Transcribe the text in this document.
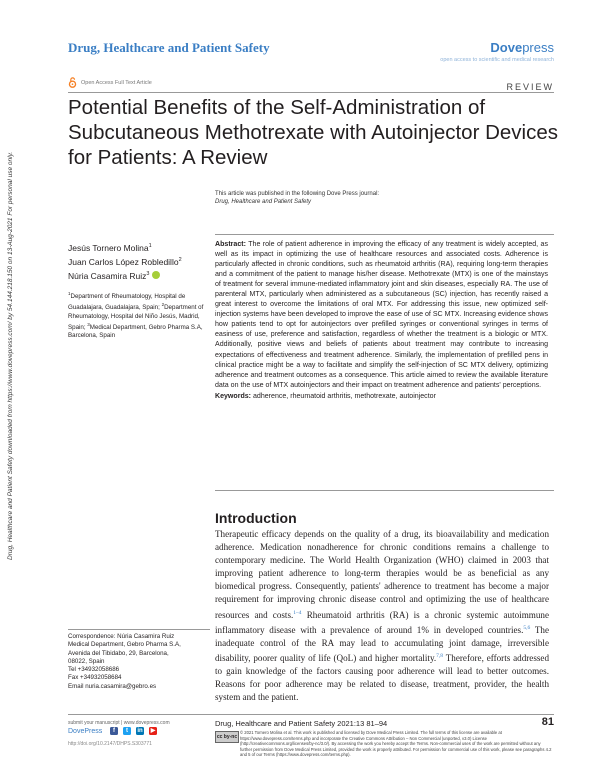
Drug, Healthcare and Patient Safety	Dovepress
open access to scientific and medical research
Open Access Full Text Article	REVIEW
Potential Benefits of the Self-Administration of Subcutaneous Methotrexate with Autoinjector Devices for Patients: A Review
Drug, Healthcare and Patient Safety downloaded from https://www.dovepress.com/ by 54.144.218.150 on 13-Aug-2021 For personal use only.	This article was published in the following Dove Press journal:
Drug, Healthcare and Patient Safety
Jesús Tornero Molina$^1$
Juan Carlos López Robledillo$^2$
Núria Casamira Ruiz$^3$
$^1$Department of Rheumatology, Hospital de Guadalajara, Guadalajara, Spain; $^2$Department of Rheumatology, Hospital del Niño Jesús, Madrid, Spain; $^3$Medical Department, Gebro Pharma S.A, Barcelona, Spain
Abstract: The role of patient adherence in improving the efficacy of any treatment is widely accepted, as well as its impact in optimizing the use of healthcare resources and associated costs. Adherence is particularly affected in chronic conditions, such as rheumatoid arthritis (RA), requiring long-term therapies and a commitment of the patient to manage his/her disease. Methotrexate (MTX) is one of the mainstays of treatment for several immune-mediated inflammatory joint and skin diseases, especially RA. The use of parenteral MTX, particularly when administered as a subcutaneous (SC) injection, has recently raised a great interest to overcome the limitations of oral MTX. For addressing this issue, new optimized self-injection systems have been developed to improve the ease of use of SC MTX. Increasing evidence shows how patients tend to opt for autoinjectors over prefilled syringes or conventional syringes in terms of easiness of use, preference and satisfaction, regardless of whether the treatment is a biologic or MTX. Additionally, positive views and beliefs of patients about treatment may contribute to increasing expectations of effectiveness and treatment adherence. Similarly, the implementation of prefilled pens in clinical practice might be a way to facilitate and simplify the self-injection of SC MTX delivery, optimizing adherence and treatment outcomes as a consequence. This article aimed to review the available literature data on the use of MTX autoinjectors and their impact on treatment adherence and patients' perceptions.
Keywords: adherence, rheumatoid arthritis, methotrexate, autoinjector
Introduction
Therapeutic efficacy depends on the quality of a drug, its bioavailability and medication adherence. Medication nonadherence for chronic conditions remains a challenge to contemporary medicine. The World Health Organization (WHO) claimed in 2003 that improving patient adherence to long-term therapies would be as beneficial as any biomedical progress. Consequently, patients' adherence to treatment has become a major requirement for improving chronic disease control and optimizing the use of healthcare resources and costs.$^{1-4}$ Rheumatoid arthritis (RA) is a chronic systemic autoimmune inflammatory disease with a prevalence of around 1% in developed countries.$^{5,6}$ The inadequate control of the RA may lead to accumulating joint damage, irreversible disability, poorer quality of life (QoL) and higher mortality.$^{7,8}$ Therefore, efforts addressed to gain knowledge of the factors causing poor adherence will lead to better outcomes. Reasons for poor adherence may be related to disease, treatment, provider, the health system and the patient.
Correspondence: Núria Casamira Ruiz
Medical Department, Gebro Pharma S.A,
Avenida del Tibidabo, 29, Barcelona,
08022, Spain
Tel +34932058686
Fax +34932058684
Email nuria.casamira@gebro.es
submit your manuscript | www.dovepress.com
DovePress	f	t	in ▶
http://doi.org/10.2147/DHPS.S303771
Drug, Healthcare and Patient Safety 2021:13 81–94	81
cc by-nc
© 2021 Tornero Molina et al. This work is published and licensed by Dove Medical Press Limited. The full terms of this license are available at https://www.dovepress.com/terms.php and incorporate the Creative Commons Attribution – Non Commercial (unported, v3.0) License (http://creativecommons.org/licenses/by-nc/3.0/). By accessing the work you hereby accept the Terms. Non-commercial uses of the work are permitted without any further permission from Dove Medical Press Limited, provided the work is properly attributed. For permission for commercial use of this work, please see paragraphs 4.2 and 5 of our Terms (https://www.dovepress.com/terms.php).
